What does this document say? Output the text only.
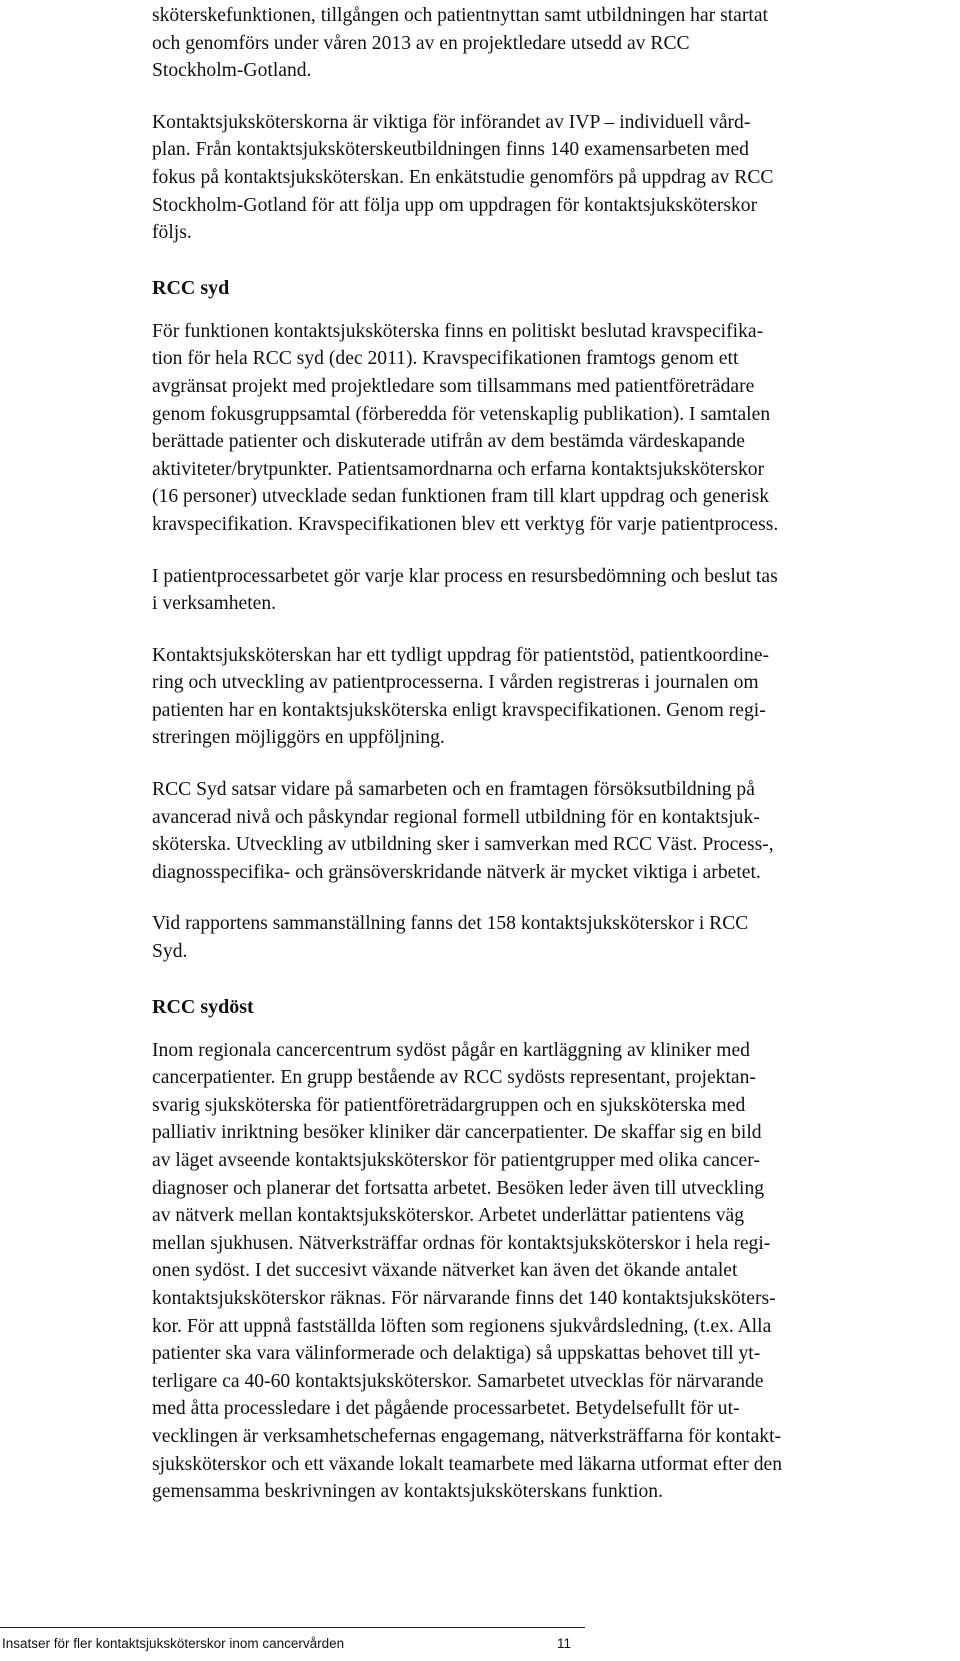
sköterskefunktionen, tillgången och patientnyttan samt utbildningen har startat
och genomförs under våren 2013 av en projektledare utsedd av RCC
Stockholm-Gotland.

Kontaktsjuksköterskorna är viktiga för införandet av IVP – individuell vård-
plan. Från kontaktsjuksköterskeutbildningen finns 140 examensarbeten med
fokus på kontaktsjuksköterskan. En enkätstudie genomförs på uppdrag av RCC
Stockholm-Gotland för att följa upp om uppdragen för kontaktsjuksköterskor
följs.

RCC syd

För funktionen kontaktsjuksköterska finns en politiskt beslutad kravspecifika-
tion för hela RCC syd (dec 2011). Kravspecifikationen framtogs genom ett
avgränsat projekt med projektledare som tillsammans med patientföreträdare
genom fokusgruppsamtal (förberedda för vetenskaplig publikation). I samtalen
berättade patienter och diskuterade utifrån av dem bestämda värdeskapande
aktiviteter/brytpunkter. Patientsamordnarna och erfarna kontaktsjuksköterskor
(16 personer) utvecklade sedan funktionen fram till klart uppdrag och generisk
kravspecifikation. Kravspecifikationen blev ett verktyg för varje patientprocess.

I patientprocessarbetet gör varje klar process en resursbedömning och beslut tas
i verksamheten.

Kontaktsjuksköterskan har ett tydligt uppdrag för patientstöd, patientkoordine-
ring och utveckling av patientprocesserna. I vården registreras i journalen om
patienten har en kontaktsjuksköterska enligt kravspecifikationen. Genom regi-
streringen möjliggörs en uppföljning.

RCC Syd satsar vidare på samarbeten och en framtagen försöksutbildning på
avancerad nivå och påskyndar regional formell utbildning för en kontaktsjuk-
sköterska. Utveckling av utbildning sker i samverkan med RCC Väst. Process-,
diagnosspecifika- och gränsöverskridande nätverk är mycket viktiga i arbetet.

Vid rapportens sammanställning fanns det 158 kontaktsjuksköterskor i RCC
Syd.

RCC sydöst

Inom regionala cancercentrum sydöst pågår en kartläggning av kliniker med
cancerpatienter. En grupp bestående av RCC sydösts representant, projektan-
svarig sjuksköterska för patientföreträdargruppen och en sjuksköterska med
palliativ inriktning besöker kliniker där cancerpatienter. De skaffar sig en bild
av läget avseende kontaktsjuksköterskor för patientgrupper med olika cancer-
diagnoser och planerar det fortsatta arbetet. Besöken leder även till utveckling
av nätverk mellan kontaktsjuksköterskor. Arbetet underlättar patientens väg
mellan sjukhusen. Nätverksträffar ordnas för kontaktsjuksköterskor i hela regi-
onen sydöst. I det succesivt växande nätverket kan även det ökande antalet
kontaktsjuksköterskor räknas. För närvarande finns det 140 kontaktsjuksköters-
kor. För att uppnå fastställda löften som regionens sjukvårdsledning, (t.ex. Alla
patienter ska vara välinformerade och delaktiga) så uppskattas behovet till yt-
terligare ca 40-60 kontaktsjuksköterskor. Samarbetet utvecklas för närvarande
med åtta processledare i det pågående processarbetet. Betydelsefullt för ut-
vecklingen är verksamhetschefernas engagemang, nätverksträffarna för kontakt-
sjuksköterskor och ett växande lokalt teamarbete med läkarna utformat efter den
gemensamma beskrivningen av kontaktsjuksköterskans funktion.

Insatser för fler kontaktsjuksköterskor inom cancervården	11
